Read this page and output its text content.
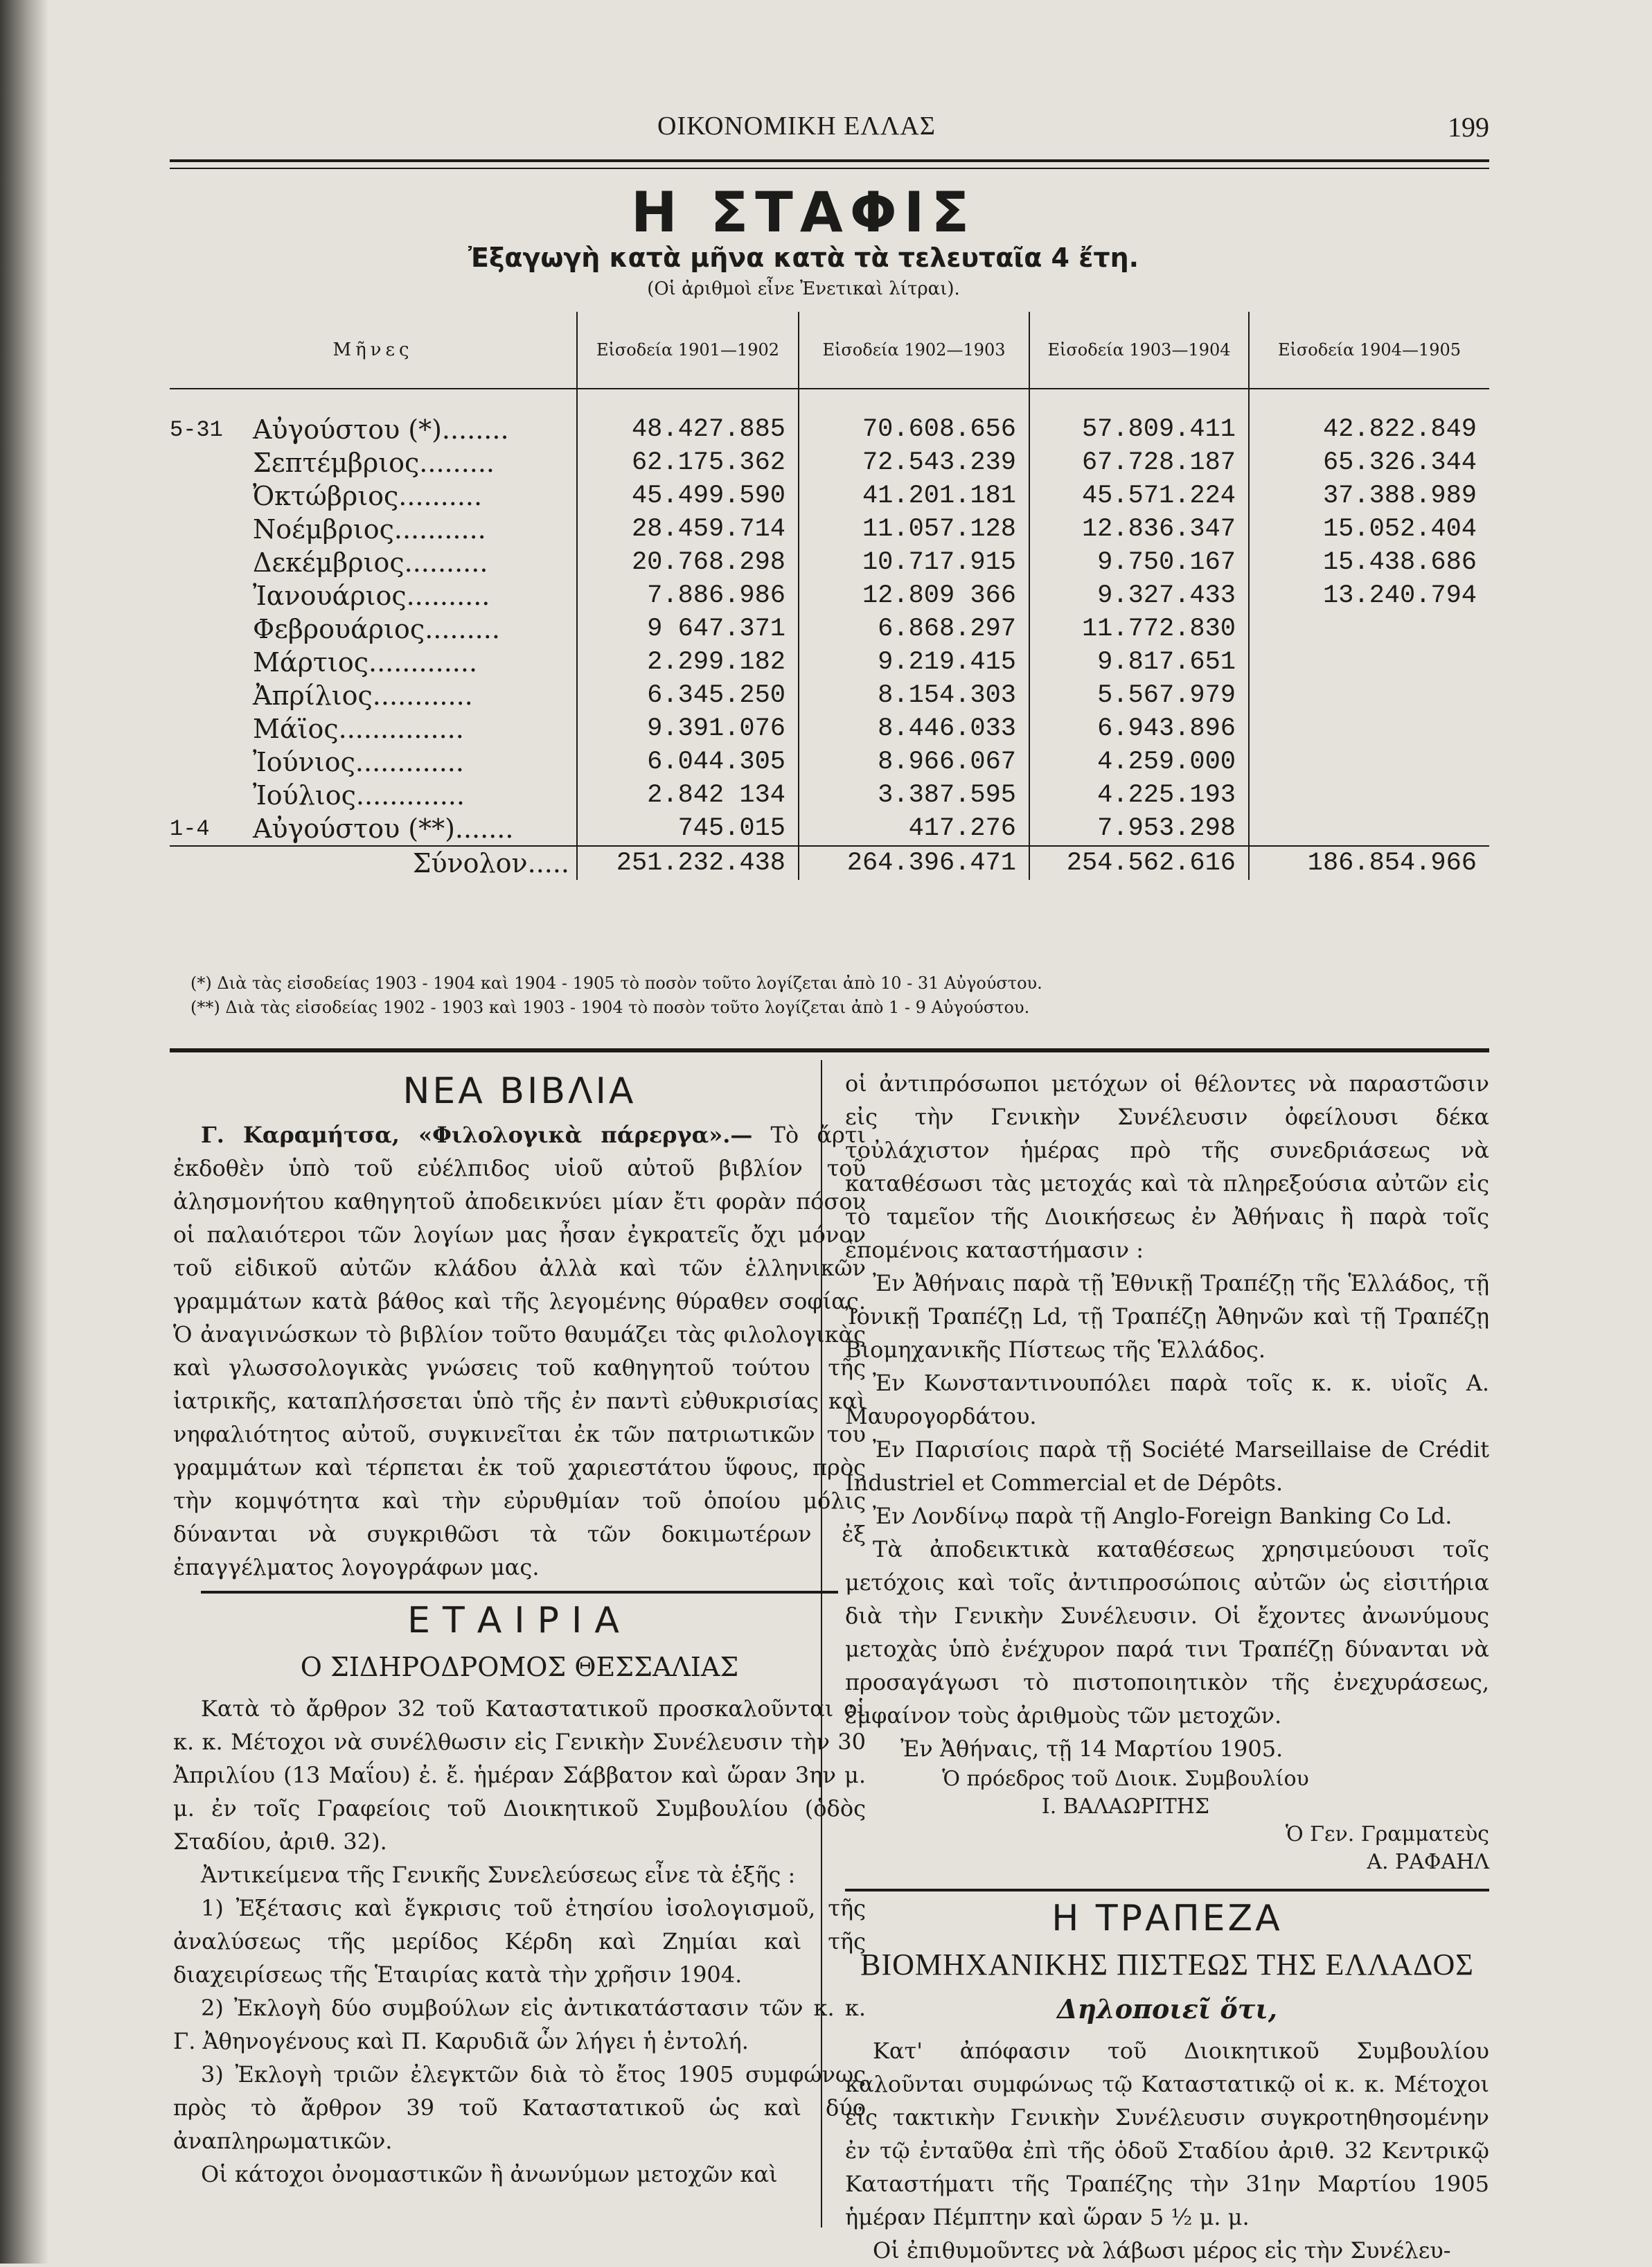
ΟΙΚΟΝΟΜΙΚΗ ΕΛΛΑΣ	199
Η ΣΤΑΦΙΣ
Ἐξαγωγὴ κατὰ μῆνα κατὰ τὰ τελευταῖα 4 ἔτη.
(Οἱ ἀριθμοὶ εἶνε Ἐνετικαὶ λίτραι).
Μῆνες		Εἰσοδεία 1901—1902	Εἰσοδεία 1902—1903	Εἰσοδεία 1903—1904	Εἰσοδεία 1904—1905
5-31	Αὐγούστου (*)........	48.427.885	70.608.656	57.809.411	42.822.849
	Σεπτέμβριος.........	62.175.362	72.543.239	67.728.187	65.326.344
	Ὀκτώβριος..........	45.499.590	41.201.181	45.571.224	37.388.989
	Νοέμβριος...........	28.459.714	11.057.128	12.836.347	15.052.404
	Δεκέμβριος..........	20.768.298	10.717.915	9.750.167	15.438.686
	Ἰανουάριος..........	7.886.986	12.809 366	9.327.433	13.240.794
	Φεβρουάριος.........	9 647.371	6.868.297	11.772.830	
	Μάρτιος.............	2.299.182	9.219.415	9.817.651	
	Ἀπρίλιος............	6.345.250	8.154.303	5.567.979	
	Μάϊος...............	9.391.076	8.446.033	6.943.896	
	Ἰούνιος.............	6.044.305	8.966.067	4.259.000	
	Ἰούλιος.............	2.842 134	3.387.595	4.225.193	
1-4	Αὐγούστου (**).......	745.015	417.276	7.953.298	
Σύνολον.....		251.232.438	264.396.471	254.562.616	186.854.966
(*) Διὰ τὰς εἰσοδείας 1903 - 1904 καὶ 1904 - 1905 τὸ ποσὸν τοῦτο λογίζεται ἀπὸ 10 - 31 Αὐγούστου.
(**) Διὰ τὰς εἰσοδείας 1902 - 1903 καὶ 1903 - 1904 τὸ ποσὸν τοῦτο λογίζεται ἀπὸ 1 - 9 Αὐγούστου.
ΝΕΑ ΒΙΒΛΙΑ

Γ. Καραμήτσα, «Φιλολογικὰ πάρεργα».— Τὸ ἄρτι ἐκδοθὲν ὑπὸ τοῦ εὐέλπιδος υἱοῦ αὐτοῦ βιβλίον τοῦ ἀλησμονήτου καθηγητοῦ ἀποδεικνύει μίαν ἔτι φορὰν πόσον οἱ παλαιότεροι τῶν λογίων μας ἦσαν ἐγκρατεῖς ὄχι μόνον τοῦ εἰδικοῦ αὐτῶν κλάδου ἀλλὰ καὶ τῶν ἑλληνικῶν γραμμάτων κατὰ βάθος καὶ τῆς λεγομένης θύραθεν σοφίας. Ὁ ἀναγινώσκων τὸ βιβλίον τοῦτο θαυμάζει τὰς φιλολογικὰς καὶ γλωσσολογικὰς γνώσεις τοῦ καθηγητοῦ τούτου τῆς ἰατρικῆς, καταπλήσσεται ὑπὸ τῆς ἐν παντὶ εὐθυκρισίας καὶ νηφαλιότητος αὐτοῦ, συγκινεῖται ἐκ τῶν πατριωτικῶν του γραμμάτων καὶ τέρπεται ἐκ τοῦ χαριεστάτου ὕφους, πρὸς τὴν κομψότητα καὶ τὴν εὐρυθμίαν τοῦ ὁποίου μόλις δύνανται νὰ συγκριθῶσι τὰ τῶν δοκιμωτέρων ἐξ ἐπαγγέλματος λογογράφων μας.

ΕΤΑΙΡΙΑ
Ο ΣΙΔΗΡΟΔΡΟΜΟΣ ΘΕΣΣΑΛΙΑΣ

Κατὰ τὸ ἄρθρον 32 τοῦ Καταστατικοῦ προσκαλοῦνται οἱ κ. κ. Μέτοχοι νὰ συνέλθωσιν εἰς Γενικὴν Συνέλευσιν τὴν 30 Ἀπριλίου (13 Μαΐου) ἐ. ἔ. ἡμέραν Σάββατον καὶ ὥραν 3ην μ. μ. ἐν τοῖς Γραφείοις τοῦ Διοικητικοῦ Συμβουλίου (ὁδὸς Σταδίου, ἀριθ. 32).

Ἀντικείμενα τῆς Γενικῆς Συνελεύσεως εἶνε τὰ ἑξῆς :

1) Ἐξέτασις καὶ ἔγκρισις τοῦ ἐτησίου ἰσολογισμοῦ, τῆς ἀναλύσεως τῆς μερίδος Κέρδη καὶ Ζημίαι καὶ τῆς διαχειρίσεως τῆς Ἑταιρίας κατὰ τὴν χρῆσιν 1904.

2) Ἐκλογὴ δύο συμβούλων εἰς ἀντικατάστασιν τῶν κ. κ. Γ. Ἀθηνογένους καὶ Π. Καρυδιᾶ ὧν λήγει ἡ ἐντολή.

3) Ἐκλογὴ τριῶν ἐλεγκτῶν διὰ τὸ ἔτος 1905 συμφώνως πρὸς τὸ ἄρθρον 39 τοῦ Καταστατικοῦ ὡς καὶ δύο ἀναπληρωματικῶν.

Οἱ κάτοχοι ὀνομαστικῶν ἢ ἀνωνύμων μετοχῶν καὶ

οἱ ἀντιπρόσωποι μετόχων οἱ θέλοντες νὰ παραστῶσιν εἰς τὴν Γενικὴν Συνέλευσιν ὀφείλουσι δέκα τοὐλάχιστον ἡμέρας πρὸ τῆς συνεδριάσεως νὰ καταθέσωσι τὰς μετοχάς καὶ τὰ πληρεξούσια αὐτῶν εἰς τὸ ταμεῖον τῆς Διοικήσεως ἐν Ἀθήναις ἢ παρὰ τοῖς ἑπομένοις καταστήμασιν :

Ἐν Ἀθήναις παρὰ τῇ Ἐθνικῇ Τραπέζῃ τῆς Ἑλλάδος, τῇ Ἰονικῇ Τραπέζῃ Ld, τῇ Τραπέζῃ Ἀθηνῶν καὶ τῇ Τραπέζῃ Βιομηχανικῆς Πίστεως τῆς Ἑλλάδος.

Ἐν Κωνσταντινουπόλει παρὰ τοῖς κ. κ. υἱοῖς Α. Μαυρογορδάτου.

Ἐν Παρισίοις παρὰ τῇ Société Marseillaise de Crédit Industriel et Commercial et de Dépôts.

Ἐν Λονδίνῳ παρὰ τῇ Anglo-Foreign Banking Co Ld.

Τὰ ἀποδεικτικὰ καταθέσεως χρησιμεύουσι τοῖς μετόχοις καὶ τοῖς ἀντιπροσώποις αὐτῶν ὡς εἰσιτήρια διὰ τὴν Γενικὴν Συνέλευσιν. Οἱ ἔχοντες ἀνωνύμους μετοχὰς ὑπὸ ἐνέχυρον παρά τινι Τραπέζῃ δύνανται νὰ προσαγάγωσι τὸ πιστοποιητικὸν τῆς ἐνεχυράσεως, ἐμφαίνον τοὺς ἀριθμοὺς τῶν μετοχῶν.

Ἐν Ἀθήναις, τῇ 14 Μαρτίου 1905.

Ὁ πρόεδρος τοῦ Διοικ. Συμβουλίου
Ι. ΒΑΛΑΩΡΙΤΗΣ
Ὁ Γεν. Γραμματεὺς
Α. ΡΑΦΑΗΛ
Η ΤΡΑΠΕΖΑ
ΒΙΟΜΗΧΑΝΙΚΗΣ ΠΙΣΤΕΩΣ ΤΗΣ ΕΛΛΑΔΟΣ
Δηλοποιεῖ ὅτι,

Κατ' ἀπόφασιν τοῦ Διοικητικοῦ Συμβουλίου καλοῦνται συμφώνως τῷ Καταστατικῷ οἱ κ. κ. Μέτοχοι εἰς τακτικὴν Γενικὴν Συνέλευσιν συγκροτηθησομένην ἐν τῷ ἐνταῦθα ἐπὶ τῆς ὁδοῦ Σταδίου ἀριθ. 32 Κεντρικῷ Καταστήματι τῆς Τραπέζης τὴν 31ην Μαρτίου 1905 ἡμέραν Πέμπτην καὶ ὥραν 5 ½ μ. μ.

Οἱ ἐπιθυμοῦντες νὰ λάβωσι μέρος εἰς τὴν Συνέλευ-
